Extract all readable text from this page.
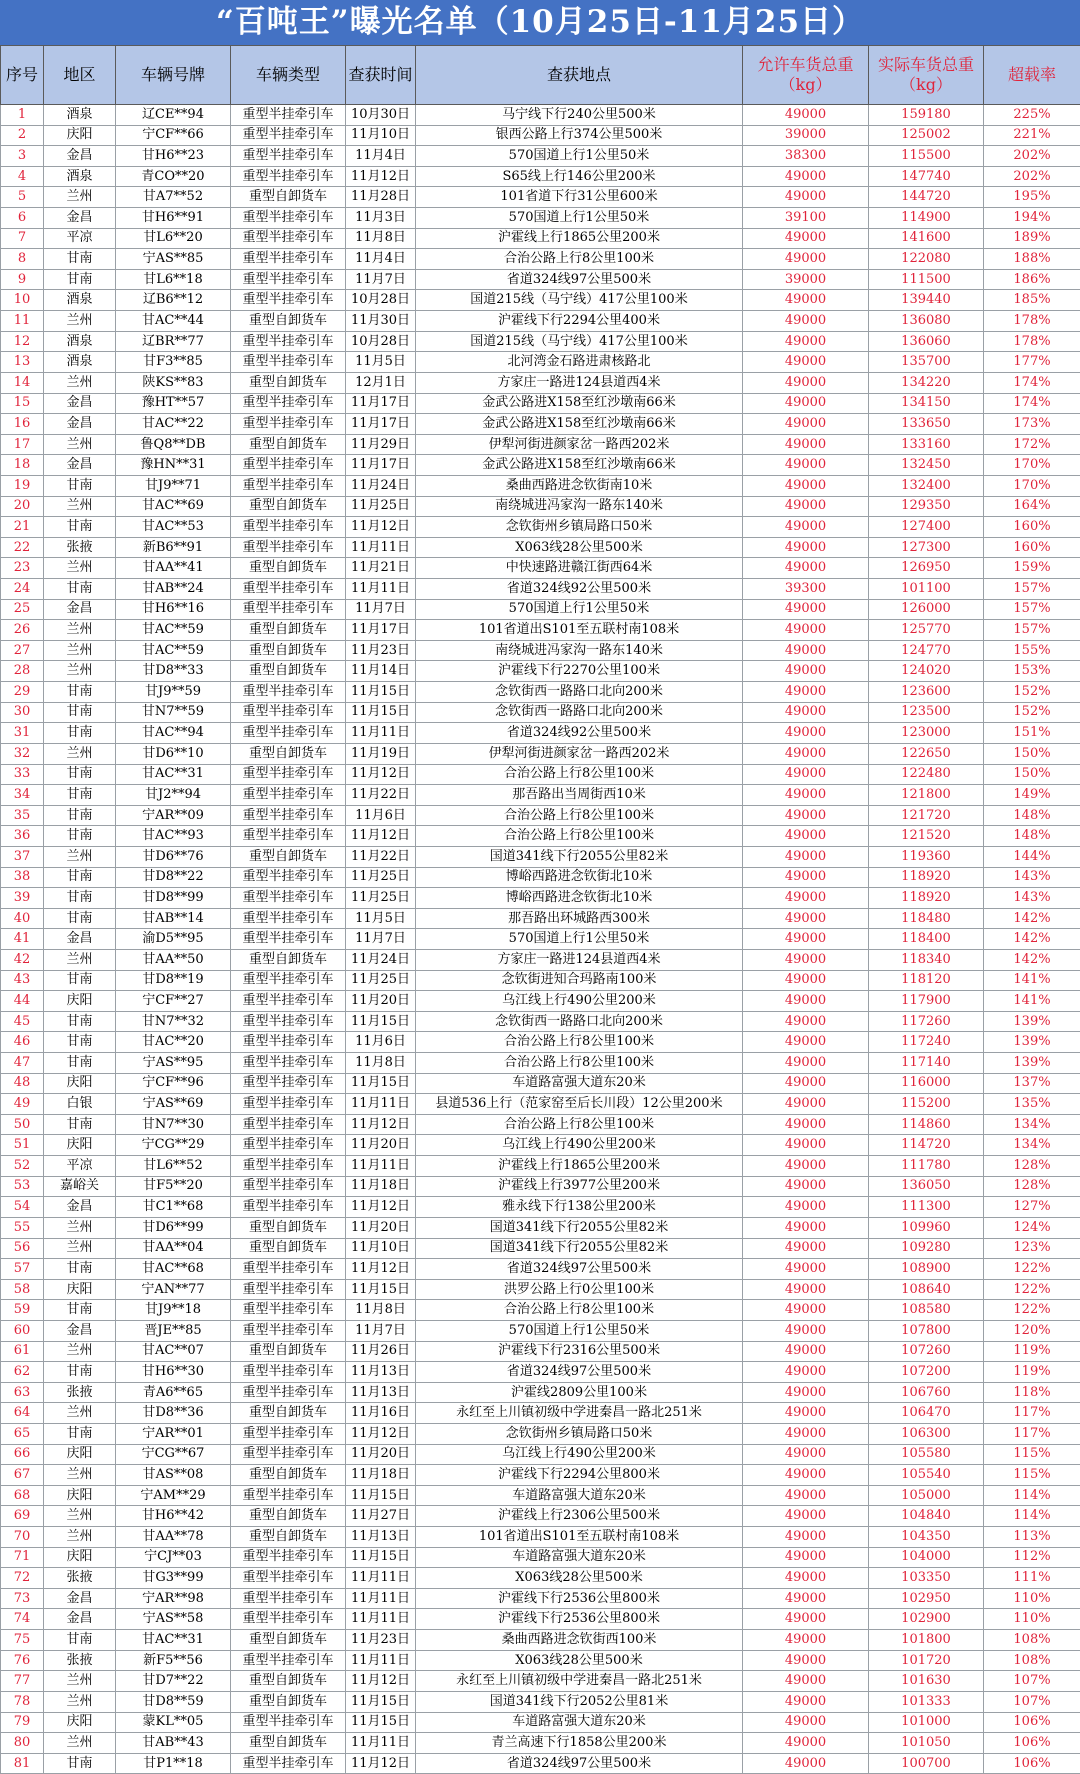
“百吨王”曝光名单（10月25日-11月25日）
序号	地区	车辆号牌	车辆类型	查获时间	查获地点	允许车货总重（kg）	实际车货总重（kg）	超载率
1	酒泉	辽CE**94	重型半挂牵引车	10月30日	马宁线下行240公里500米	49000	159180	225%
2	庆阳	宁CF**66	重型半挂牵引车	11月10日	银西公路上行374公里500米	39000	125002	221%
3	金昌	甘H6**23	重型半挂牵引车	11月4日	570国道上行1公里50米	38300	115500	202%
4	酒泉	青CO**20	重型半挂牵引车	11月12日	S65线上行146公里200米	49000	147740	202%
5	兰州	甘A7**52	重型自卸货车	11月28日	101省道下行31公里600米	49000	144720	195%
6	金昌	甘H6**91	重型半挂牵引车	11月3日	570国道上行1公里50米	39100	114900	194%
7	平凉	甘L6**20	重型半挂牵引车	11月8日	沪霍线上行1865公里200米	49000	141600	189%
8	甘南	宁AS**85	重型半挂牵引车	11月4日	合治公路上行8公里100米	49000	122080	188%
9	甘南	甘L6**18	重型半挂牵引车	11月7日	省道324线97公里500米	39000	111500	186%
10	酒泉	辽B6**12	重型半挂牵引车	10月28日	国道215线（马宁线）417公里100米	49000	139440	185%
11	兰州	甘AC**44	重型自卸货车	11月30日	沪霍线下行2294公里400米	49000	136080	178%
12	酒泉	辽BR**77	重型半挂牵引车	10月28日	国道215线（马宁线）417公里100米	49000	136060	178%
13	酒泉	甘F3**85	重型半挂牵引车	11月5日	北河湾金石路进肃核路北	49000	135700	177%
14	兰州	陕KS**83	重型自卸货车	12月1日	方家庄一路进124县道西4米	49000	134220	174%
15	金昌	豫HT**57	重型半挂牵引车	11月17日	金武公路进X158至红沙墩南66米	49000	134150	174%
16	金昌	甘AC**22	重型半挂牵引车	11月17日	金武公路进X158至红沙墩南66米	49000	133650	173%
17	兰州	鲁Q8**DB	重型自卸货车	11月29日	伊犁河街进颜家岔一路西202米	49000	133160	172%
18	金昌	豫HN**31	重型半挂牵引车	11月17日	金武公路进X158至红沙墩南66米	49000	132450	170%
19	甘南	甘J9**71	重型半挂牵引车	11月24日	桑曲西路进念钦街南10米	49000	132400	170%
20	兰州	甘AC**69	重型自卸货车	11月25日	南绕城进冯家沟一路东140米	49000	129350	164%
21	甘南	甘AC**53	重型半挂牵引车	11月12日	念钦街州乡镇局路口50米	49000	127400	160%
22	张掖	新B6**91	重型半挂牵引车	11月11日	X063线28公里500米	49000	127300	160%
23	兰州	甘AA**41	重型自卸货车	11月21日	中快速路进赣江街西64米	49000	126950	159%
24	甘南	甘AB**24	重型半挂牵引车	11月11日	省道324线92公里500米	39300	101100	157%
25	金昌	甘H6**16	重型半挂牵引车	11月7日	570国道上行1公里50米	49000	126000	157%
26	兰州	甘AC**59	重型自卸货车	11月17日	101省道出S101至五联村南108米	49000	125770	157%
27	兰州	甘AC**59	重型自卸货车	11月23日	南绕城进冯家沟一路东140米	49000	124770	155%
28	兰州	甘D8**33	重型自卸货车	11月14日	沪霍线下行2270公里100米	49000	124020	153%
29	甘南	甘J9**59	重型半挂牵引车	11月15日	念钦街西一路路口北向200米	49000	123600	152%
30	甘南	甘N7**59	重型半挂牵引车	11月15日	念钦街西一路路口北向200米	49000	123500	152%
31	甘南	甘AC**94	重型半挂牵引车	11月11日	省道324线92公里500米	49000	123000	151%
32	兰州	甘D6**10	重型自卸货车	11月19日	伊犁河街进颜家岔一路西202米	49000	122650	150%
33	甘南	甘AC**31	重型半挂牵引车	11月12日	合治公路上行8公里100米	49000	122480	150%
34	甘南	甘J2**94	重型半挂牵引车	11月22日	那吾路出当周街西10米	49000	121800	149%
35	甘南	宁AR**09	重型半挂牵引车	11月6日	合治公路上行8公里100米	49000	121720	148%
36	甘南	甘AC**93	重型半挂牵引车	11月12日	合治公路上行8公里100米	49000	121520	148%
37	兰州	甘D6**76	重型自卸货车	11月22日	国道341线下行2055公里82米	49000	119360	144%
38	甘南	甘D8**22	重型半挂牵引车	11月25日	博峪西路进念钦街北10米	49000	118920	143%
39	甘南	甘D8**99	重型半挂牵引车	11月25日	博峪西路进念钦街北10米	49000	118920	143%
40	甘南	甘AB**14	重型半挂牵引车	11月5日	那吾路出环城路西300米	49000	118480	142%
41	金昌	渝D5**95	重型半挂牵引车	11月7日	570国道上行1公里50米	49000	118400	142%
42	兰州	甘AA**50	重型自卸货车	11月24日	方家庄一路进124县道西4米	49000	118340	142%
43	甘南	甘D8**19	重型半挂牵引车	11月25日	念钦街进知合玛路南100米	49000	118120	141%
44	庆阳	宁CF**27	重型半挂牵引车	11月20日	乌江线上行490公里200米	49000	117900	141%
45	甘南	甘N7**32	重型半挂牵引车	11月15日	念钦街西一路路口北向200米	49000	117260	139%
46	甘南	甘AC**20	重型半挂牵引车	11月6日	合治公路上行8公里100米	49000	117240	139%
47	甘南	宁AS**95	重型半挂牵引车	11月8日	合治公路上行8公里100米	49000	117140	139%
48	庆阳	宁CF**96	重型半挂牵引车	11月15日	车道路富强大道东20米	49000	116000	137%
49	白银	宁AS**69	重型半挂牵引车	11月11日	县道536上行（范家窑至后长川段）12公里200米	49000	115200	135%
50	甘南	甘N7**30	重型半挂牵引车	11月12日	合治公路上行8公里100米	49000	114860	134%
51	庆阳	宁CG**29	重型半挂牵引车	11月20日	乌江线上行490公里200米	49000	114720	134%
52	平凉	甘L6**52	重型半挂牵引车	11月11日	沪霍线上行1865公里200米	49000	111780	128%
53	嘉峪关	甘F5**20	重型半挂牵引车	11月18日	沪霍线上行3977公里200米	49000	136050	128%
54	金昌	甘C1**68	重型半挂牵引车	11月12日	雅永线下行138公里200米	49000	111300	127%
55	兰州	甘D6**99	重型自卸货车	11月20日	国道341线下行2055公里82米	49000	109960	124%
56	兰州	甘AA**04	重型自卸货车	11月10日	国道341线下行2055公里82米	49000	109280	123%
57	甘南	甘AC**68	重型半挂牵引车	11月12日	省道324线97公里500米	49000	108900	122%
58	庆阳	宁AN**77	重型半挂牵引车	11月15日	洪罗公路上行0公里100米	49000	108640	122%
59	甘南	甘J9**18	重型半挂牵引车	11月8日	合治公路上行8公里100米	49000	108580	122%
60	金昌	晋JE**85	重型半挂牵引车	11月7日	570国道上行1公里50米	49000	107800	120%
61	兰州	甘AC**07	重型自卸货车	11月26日	沪霍线下行2316公里500米	49000	107260	119%
62	甘南	甘H6**30	重型半挂牵引车	11月13日	省道324线97公里500米	49000	107200	119%
63	张掖	青A6**65	重型半挂牵引车	11月13日	沪霍线2809公里100米	49000	106760	118%
64	兰州	甘D8**36	重型自卸货车	11月16日	永红至上川镇初级中学进秦昌一路北251米	49000	106470	117%
65	甘南	宁AR**01	重型半挂牵引车	11月12日	念钦街州乡镇局路口50米	49000	106300	117%
66	庆阳	宁CG**67	重型半挂牵引车	11月20日	乌江线上行490公里200米	49000	105580	115%
67	兰州	甘AS**08	重型自卸货车	11月18日	沪霍线下行2294公里800米	49000	105540	115%
68	庆阳	宁AM**29	重型半挂牵引车	11月15日	车道路富强大道东20米	49000	105000	114%
69	兰州	甘H6**42	重型自卸货车	11月27日	沪霍线上行2306公里500米	49000	104840	114%
70	兰州	甘AA**78	重型自卸货车	11月13日	101省道出S101至五联村南108米	49000	104350	113%
71	庆阳	宁CJ**03	重型半挂牵引车	11月15日	车道路富强大道东20米	49000	104000	112%
72	张掖	甘G3**99	重型半挂牵引车	11月11日	X063线28公里500米	49000	103350	111%
73	金昌	宁AR**98	重型半挂牵引车	11月11日	沪霍线下行2536公里800米	49000	102950	110%
74	金昌	宁AS**58	重型半挂牵引车	11月11日	沪霍线下行2536公里800米	49000	102900	110%
75	甘南	甘AC**31	重型自卸货车	11月23日	桑曲西路进念钦街西100米	49000	101800	108%
76	张掖	新F5**56	重型半挂牵引车	11月11日	X063线28公里500米	49000	101720	108%
77	兰州	甘D7**22	重型自卸货车	11月12日	永红至上川镇初级中学进秦昌一路北251米	49000	101630	107%
78	兰州	甘D8**59	重型自卸货车	11月15日	国道341线下行2052公里81米	49000	101333	107%
79	庆阳	蒙KL**05	重型半挂牵引车	11月15日	车道路富强大道东20米	49000	101000	106%
80	兰州	甘AB**43	重型自卸货车	11月11日	青兰高速下行1858公里200米	49000	101050	106%
81	甘南	甘P1**18	重型半挂牵引车	11月12日	省道324线97公里500米	49000	100700	106%
